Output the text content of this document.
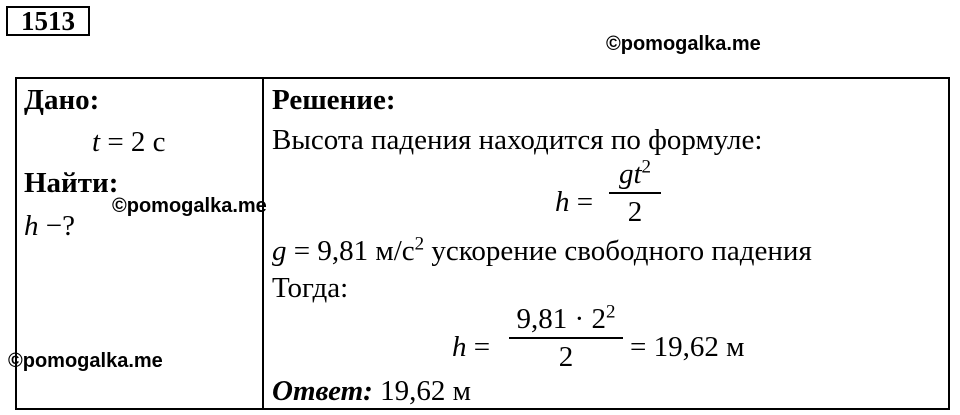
1513
©pomogalka.me
Дано:
t = 2 с
Найти:
h −?
©pomogalka.me
©pomogalka.me
Решение:
Высота падения находится по формуле:
h =
$gt^2$
2
g = 9,81 $м/с^2$ ускорение свободного падения
Тогда:
h =
$9,81 \cdot 2^2$
2	= 19,62 м
Ответ: 19,62 м
